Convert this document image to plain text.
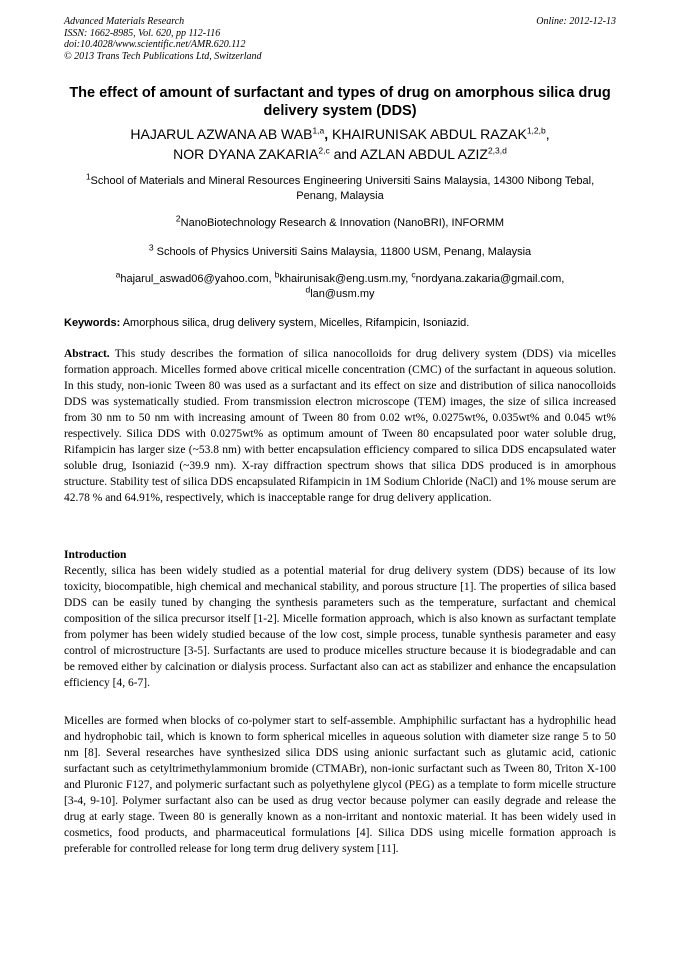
Advanced Materials Research
ISSN: 1662-8985, Vol. 620, pp 112-116
doi:10.4028/www.scientific.net/AMR.620.112
© 2013 Trans Tech Publications Ltd, Switzerland
Online: 2012-12-13
The effect of amount of surfactant and types of drug on amorphous silica drug delivery system (DDS)
HAJARUL AZWANA AB WAB$^{1,a}$, KHAIRUNISAK ABDUL RAZAK$^{1,2,b}$,
NOR DYANA ZAKARIA$^{2,c}$ and AZLAN ABDUL AZIZ$^{2,3,d}$
$^1$School of Materials and Mineral Resources Engineering Universiti Sains Malaysia, 14300 Nibong Tebal, Penang, Malaysia
$^2$NanoBiotechnology Research & Innovation (NanoBRI), INFORMM
$^3$ Schools of Physics Universiti Sains Malaysia, 11800 USM, Penang, Malaysia
$^a$hajarul_aswad06@yahoo.com, $^b$khairunisak@eng.usm.my, $^c$nordyana.zakaria@gmail.com,
$^d$lan@usm.my
Keywords: Amorphous silica, drug delivery system, Micelles, Rifampicin, Isoniazid.

Abstract. This study describes the formation of silica nanocolloids for drug delivery system (DDS) via micelles formation approach. Micelles formed above critical micelle concentration (CMC) of the surfactant in aqueous solution. In this study, non-ionic Tween 80 was used as a surfactant and its effect on size and distribution of silica nanocolloids DDS was systematically studied. From transmission electron microscope (TEM) images, the size of silica increased from 30 nm to 50 nm with increasing amount of Tween 80 from 0.02 wt%, 0.0275wt%, 0.035wt% and 0.045 wt% respectively. Silica DDS with 0.0275wt% as optimum amount of Tween 80 encapsulated poor water soluble drug, Rifampicin has larger size (~53.8 nm) with better encapsulation efficiency compared to silica DDS encapsulated water soluble drug, Isoniazid (~39.9 nm). X-ray diffraction spectrum shows that silica DDS produced is in amorphous structure. Stability test of silica DDS encapsulated Rifampicin in 1M Sodium Chloride (NaCl) and 1% mouse serum are 42.78 % and 64.91%, respectively, which is inacceptable range for drug delivery application.

Introduction

Recently, silica has been widely studied as a potential material for drug delivery system (DDS) because of its low toxicity, biocompatible, high chemical and mechanical stability, and porous structure [1]. The properties of silica based DDS can be easily tuned by changing the synthesis parameters such as the temperature, surfactant and chemical composition of the silica precursor itself [1-2]. Micelle formation approach, which is also known as surfactant template from polymer has been widely studied because of the low cost, simple process, tunable synthesis parameter and easy control of microstructure [3-5]. Surfactants are used to produce micelles structure because it is biodegradable and can be removed either by calcination or dialysis process. Surfactant also can act as stabilizer and enhance the encapsulation efficiency [4, 6-7].

Micelles are formed when blocks of co-polymer start to self-assemble. Amphiphilic surfactant has a hydrophilic head and hydrophobic tail, which is known to form spherical micelles in aqueous solution with diameter size range 5 to 50 nm [8]. Several researches have synthesized silica DDS using anionic surfactant such as glutamic acid, cationic surfactant such as cetyltrimethylammonium bromide (CTMABr), non-ionic surfactant such as Tween 80, Triton X-100 and Pluronic F127, and polymeric surfactant such as polyethylene glycol (PEG) as a template to form micelle structure [3-4, 9-10]. Polymer surfactant also can be used as drug vector because polymer can easily degrade and release the drug at early stage. Tween 80 is generally known as a non-irritant and nontoxic material. It has been widely used in cosmetics, food products, and pharmaceutical formulations [4]. Silica DDS using micelle formation approach is preferable for controlled release for long term drug delivery system [11].
